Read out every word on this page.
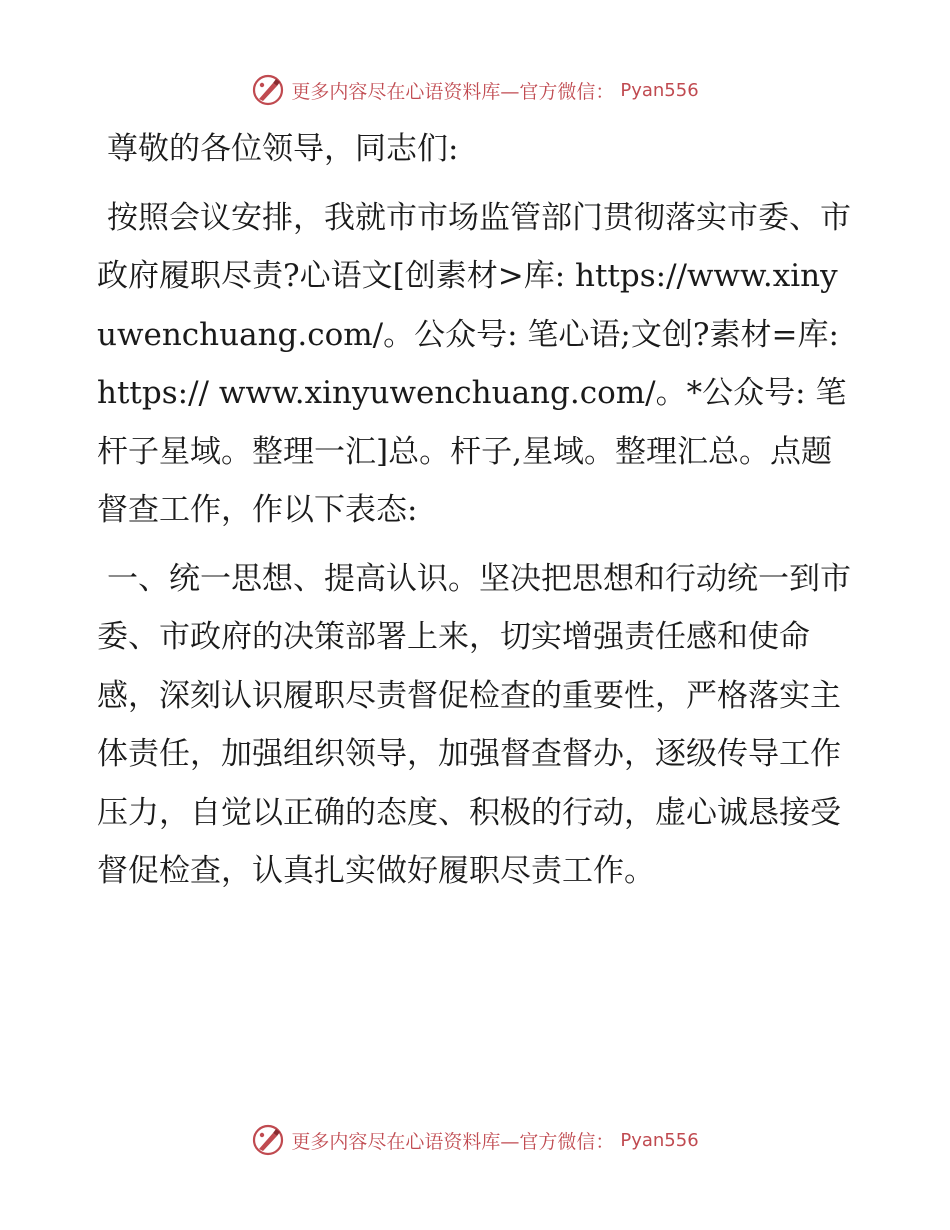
更多内容尽在心语资料库—官方微信： Pyan556

尊敬的各位领导，同志们:

按照会议安排，我就市市场监管部门贯彻落实市委、市政府履职尽责?心语文[创素材>库: https://www.xinyuwenchuang.com/。公众号: 笔心语;文创?素材=库: https:// www.xinyuwenchuang.com/。*公众号: 笔杆子星域。整理一汇]总。杆子,星域。整理汇总。点题督查工作，作以下表态:

一、统一思想、提高认识。坚决把思想和行动统一到市委、市政府的决策部署上来，切实增强责任感和使命感，深刻认识履职尽责督促检查的重要性，严格落实主体责任，加强组织领导，加强督查督办，逐级传导工作压力，自觉以正确的态度、积极的行动，虚心诚恳接受督促检查，认真扎实做好履职尽责工作。

更多内容尽在心语资料库—官方微信： Pyan556
